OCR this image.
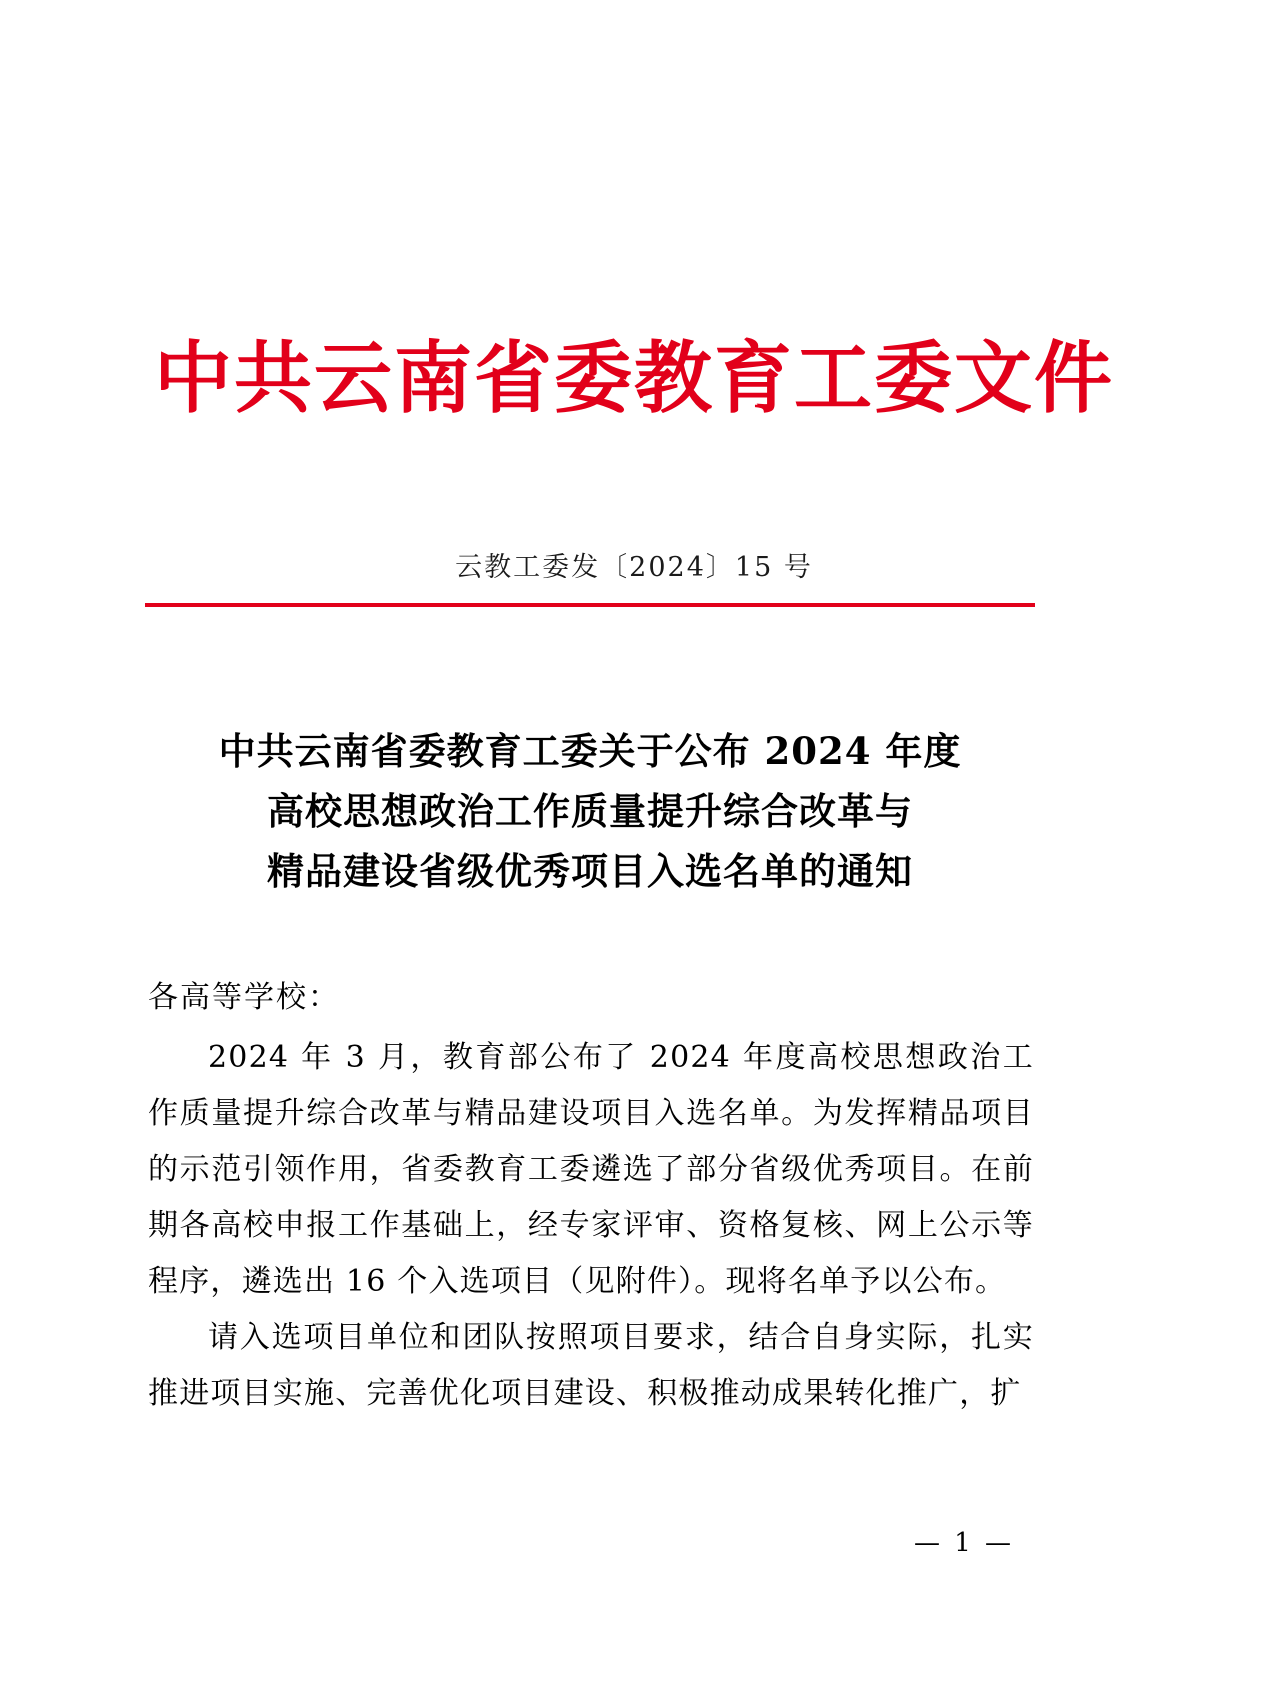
中共云南省委教育工委文件
云教工委发〔2024〕15 号
中共云南省委教育工委关于公布 2024 年度
高校思想政治工作质量提升综合改革与
精品建设省级优秀项目入选名单的通知
各高等学校：

2024 年 3 月，教育部公布了 2024 年度高校思想政治工作质量提升综合改革与精品建设项目入选名单。为发挥精品项目的示范引领作用，省委教育工委遴选了部分省级优秀项目。在前期各高校申报工作基础上，经专家评审、资格复核、网上公示等程序，遴选出 16 个入选项目（见附件）。现将名单予以公布。

请入选项目单位和团队按照项目要求，结合自身实际，扎实推进项目实施、完善优化项目建设、积极推动成果转化推广，扩

— 1 —
